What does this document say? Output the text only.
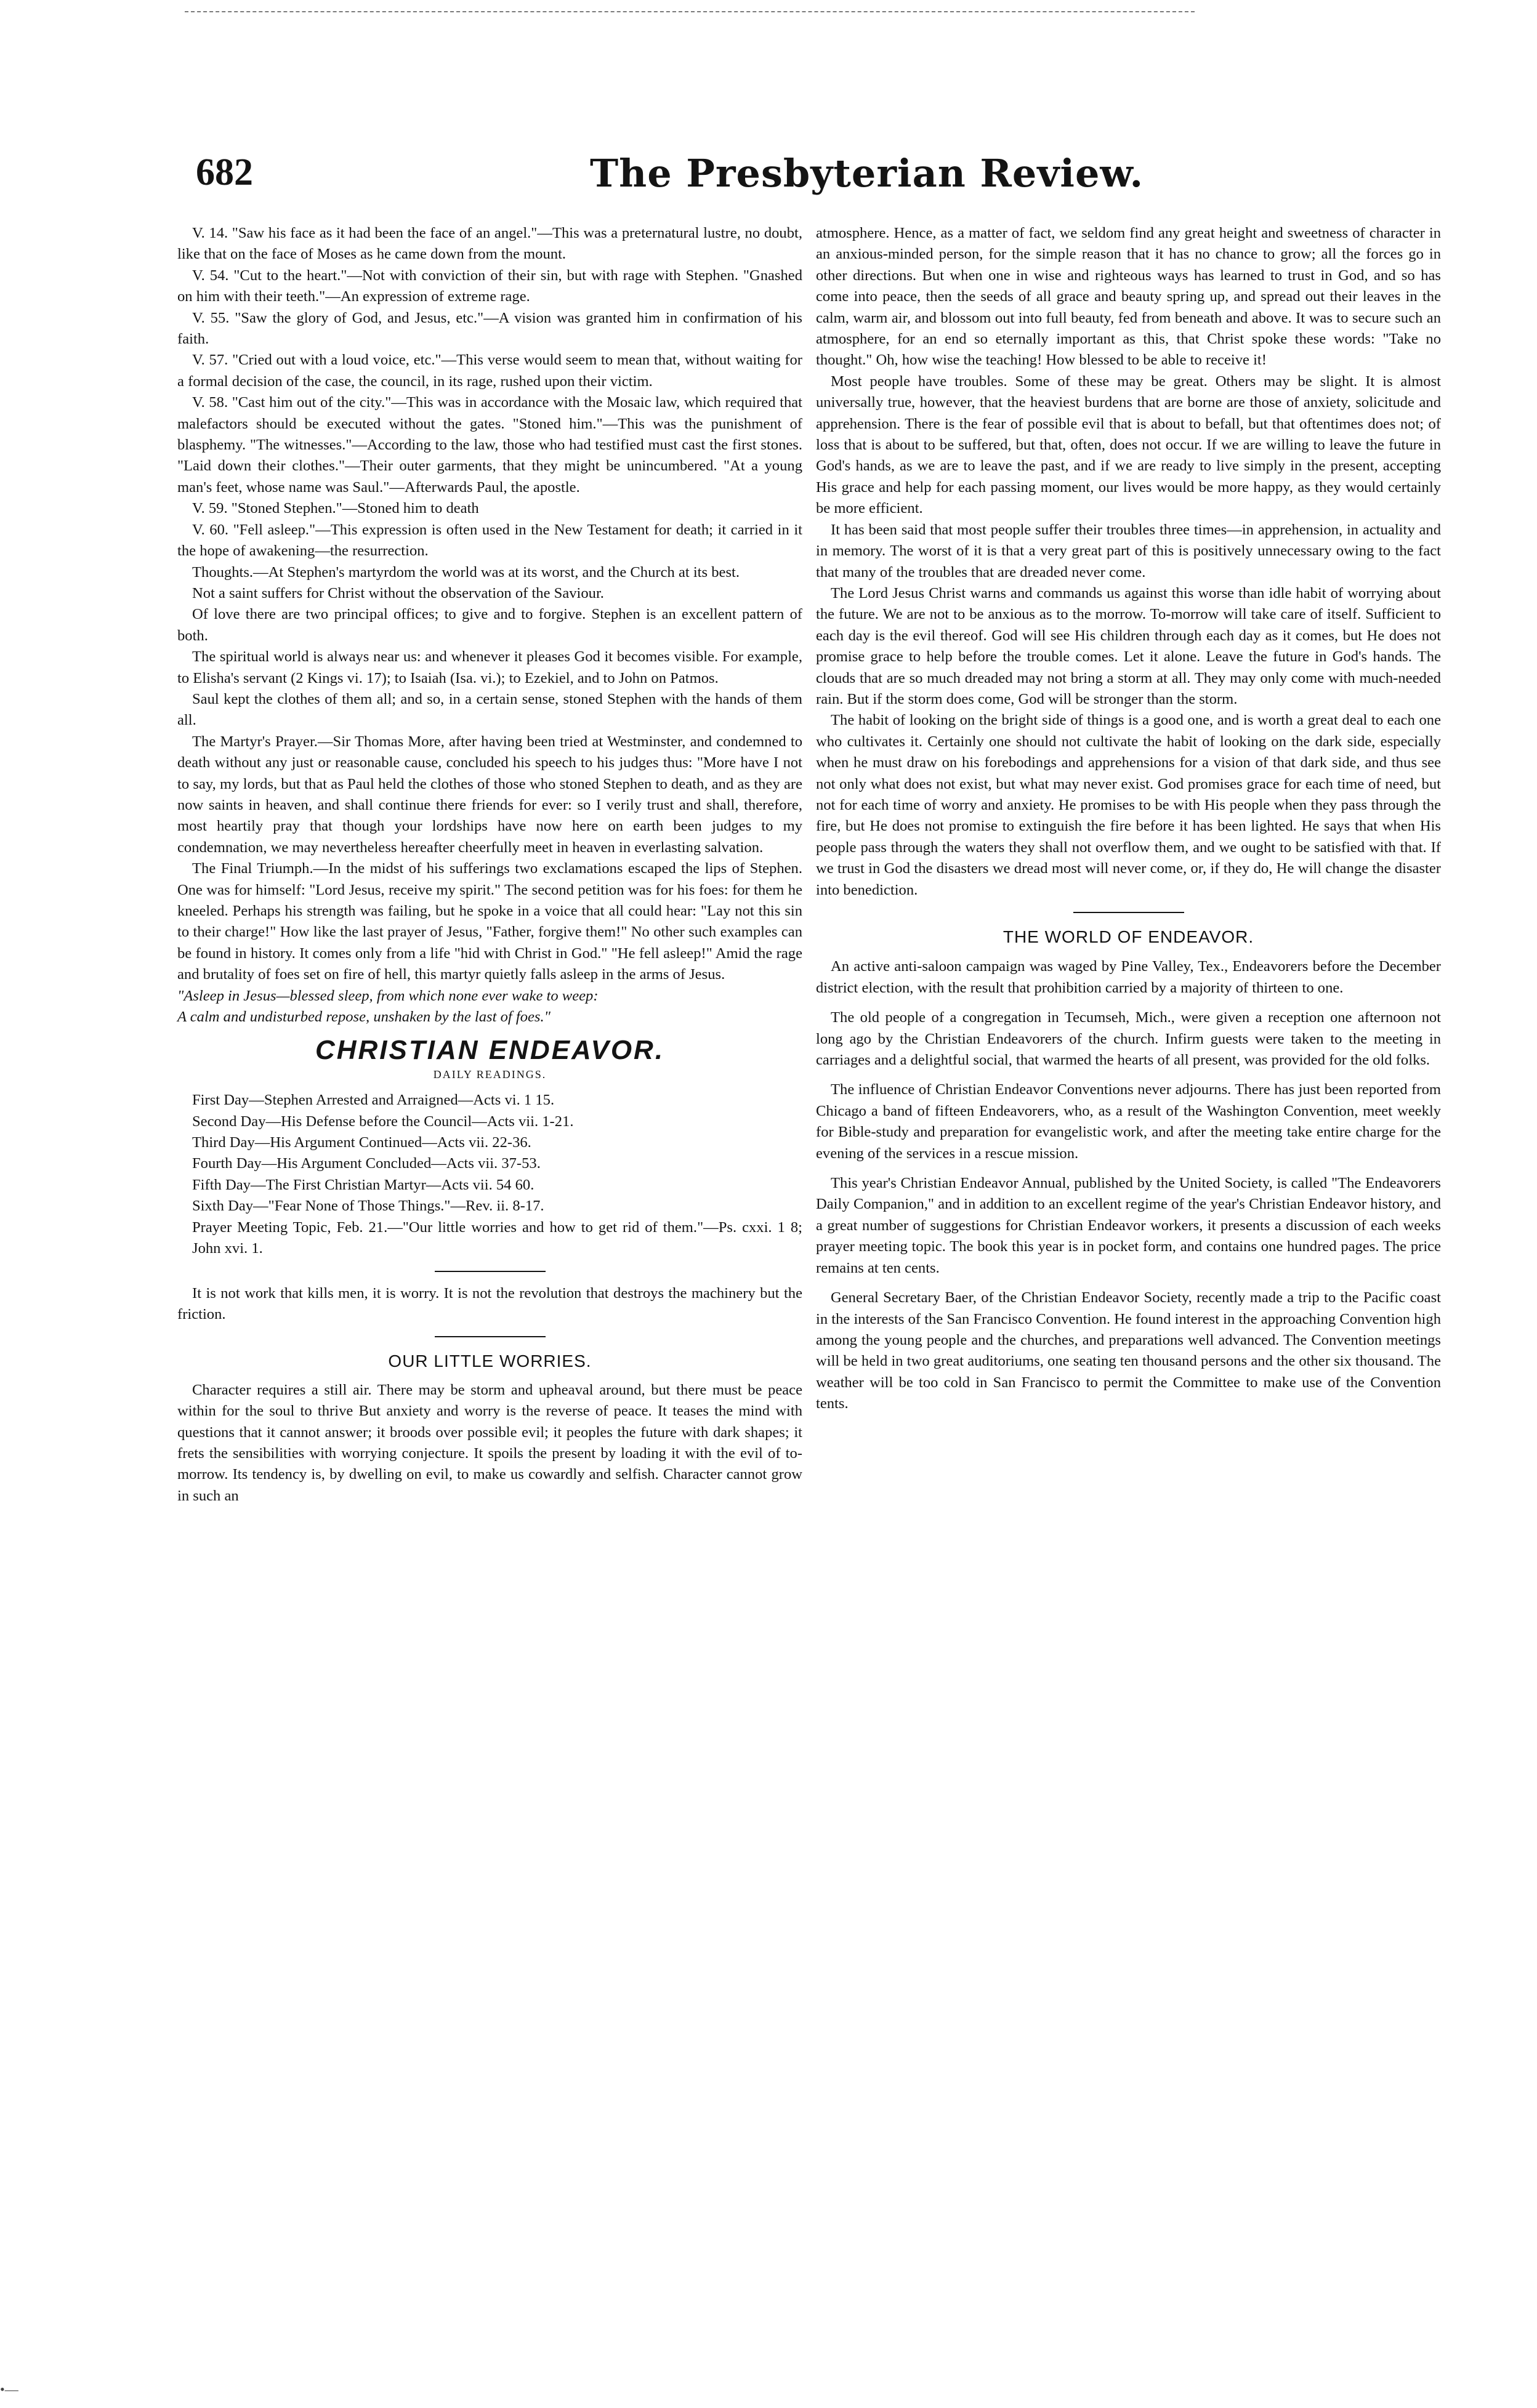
682	The Presbyterian Review.

V. 14. "Saw his face as it had been the face of an angel."—This was a preternatural lustre, no doubt, like that on the face of Moses as he came down from the mount.

V. 54. "Cut to the heart."—Not with conviction of their sin, but with rage with Stephen. "Gnashed on him with their teeth."—An expression of extreme rage.

V. 55. "Saw the glory of God, and Jesus, etc."—A vision was granted him in confirmation of his faith.

V. 57. "Cried out with a loud voice, etc."—This verse would seem to mean that, without waiting for a formal decision of the case, the council, in its rage, rushed upon their victim.

V. 58. "Cast him out of the city."—This was in accordance with the Mosaic law, which required that malefactors should be executed without the gates. "Stoned him."—This was the punishment of blasphemy. "The witnesses."—According to the law, those who had testified must cast the first stones. "Laid down their clothes."—Their outer garments, that they might be unincumbered. "At a young man's feet, whose name was Saul."—Afterwards Paul, the apostle.

V. 59. "Stoned Stephen."—Stoned him to death

V. 60. "Fell asleep."—This expression is often used in the New Testament for death; it carried in it the hope of awakening—the resurrection.

Thoughts.—At Stephen's martyrdom the world was at its worst, and the Church at its best.

Not a saint suffers for Christ without the observation of the Saviour.

Of love there are two principal offices; to give and to forgive. Stephen is an excellent pattern of both.

The spiritual world is always near us: and whenever it pleases God it becomes visible. For example, to Elisha's servant (2 Kings vi. 17); to Isaiah (Isa. vi.); to Ezekiel, and to John on Patmos.

Saul kept the clothes of them all; and so, in a certain sense, stoned Stephen with the hands of them all.

The Martyr's Prayer.—Sir Thomas More, after having been tried at Westminster, and condemned to death without any just or reasonable cause, concluded his speech to his judges thus: "More have I not to say, my lords, but that as Paul held the clothes of those who stoned Stephen to death, and as they are now saints in heaven, and shall continue there friends for ever: so I verily trust and shall, therefore, most heartily pray that though your lordships have now here on earth been judges to my condemnation, we may nevertheless hereafter cheerfully meet in heaven in everlasting salvation.

The Final Triumph.—In the midst of his sufferings two exclamations escaped the lips of Stephen. One was for himself: "Lord Jesus, receive my spirit." The second petition was for his foes: for them he kneeled. Perhaps his strength was failing, but he spoke in a voice that all could hear: "Lay not this sin to their charge!" How like the last prayer of Jesus, "Father, forgive them!" No other such examples can be found in history. It comes only from a life "hid with Christ in God." "He fell asleep!" Amid the rage and brutality of foes set on fire of hell, this martyr quietly falls asleep in the arms of Jesus.

"Asleep in Jesus—blessed sleep, from which none ever wake to weep:

A calm and undisturbed repose, unshaken by the last of foes."

CHRISTIAN ENDEAVOR.
DAILY READINGS.

First Day—Stephen Arrested and Arraigned—Acts vi. 1 15.

Second Day—His Defense before the Council—Acts vii. 1-21.

Third Day—His Argument Continued—Acts vii. 22-36.

Fourth Day—His Argument Concluded—Acts vii. 37-53.

Fifth Day—The First Christian Martyr—Acts vii. 54 60.

Sixth Day—"Fear None of Those Things."—Rev. ii. 8-17.

Prayer Meeting Topic, Feb. 21.—"Our little worries and how to get rid of them."—Ps. cxxi. 1 8; John xvi. 1.

It is not work that kills men, it is worry. It is not the revolution that destroys the machinery but the friction.

OUR LITTLE WORRIES.

Character requires a still air. There may be storm and upheaval around, but there must be peace within for the soul to thrive But anxiety and worry is the reverse of peace. It teases the mind with questions that it cannot answer; it broods over possible evil; it peoples the future with dark shapes; it frets the sensibilities with worrying conjecture. It spoils the present by loading it with the evil of to-morrow. Its tendency is, by dwelling on evil, to make us cowardly and selfish. Character cannot grow in such an

atmosphere. Hence, as a matter of fact, we seldom find any great height and sweetness of character in an anxious-minded person, for the simple reason that it has no chance to grow; all the forces go in other directions. But when one in wise and righteous ways has learned to trust in God, and so has come into peace, then the seeds of all grace and beauty spring up, and spread out their leaves in the calm, warm air, and blossom out into full beauty, fed from beneath and above. It was to secure such an atmosphere, for an end so eternally important as this, that Christ spoke these words: "Take no thought." Oh, how wise the teaching! How blessed to be able to receive it!

Most people have troubles. Some of these may be great. Others may be slight. It is almost universally true, however, that the heaviest burdens that are borne are those of anxiety, solicitude and apprehension. There is the fear of possible evil that is about to befall, but that oftentimes does not; of loss that is about to be suffered, but that, often, does not occur. If we are willing to leave the future in God's hands, as we are to leave the past, and if we are ready to live simply in the present, accepting His grace and help for each passing moment, our lives would be more happy, as they would certainly be more efficient.

It has been said that most people suffer their troubles three times—in apprehension, in actuality and in memory. The worst of it is that a very great part of this is positively unnecessary owing to the fact that many of the troubles that are dreaded never come.

The Lord Jesus Christ warns and commands us against this worse than idle habit of worrying about the future. We are not to be anxious as to the morrow. To-morrow will take care of itself. Sufficient to each day is the evil thereof. God will see His children through each day as it comes, but He does not promise grace to help before the trouble comes. Let it alone. Leave the future in God's hands. The clouds that are so much dreaded may not bring a storm at all. They may only come with much-needed rain. But if the storm does come, God will be stronger than the storm.

The habit of looking on the bright side of things is a good one, and is worth a great deal to each one who cultivates it. Certainly one should not cultivate the habit of looking on the dark side, especially when he must draw on his forebodings and apprehensions for a vision of that dark side, and thus see not only what does not exist, but what may never exist. God promises grace for each time of need, but not for each time of worry and anxiety. He promises to be with His people when they pass through the fire, but He does not promise to extinguish the fire before it has been lighted. He says that when His people pass through the waters they shall not overflow them, and we ought to be satisfied with that. If we trust in God the disasters we dread most will never come, or, if they do, He will change the disaster into benediction.

THE WORLD OF ENDEAVOR.

An active anti-saloon campaign was waged by Pine Valley, Tex., Endeavorers before the December district election, with the result that prohibition carried by a majority of thirteen to one.

The old people of a congregation in Tecumseh, Mich., were given a reception one afternoon not long ago by the Christian Endeavorers of the church. Infirm guests were taken to the meeting in carriages and a delightful social, that warmed the hearts of all present, was provided for the old folks.

The influence of Christian Endeavor Conventions never adjourns. There has just been reported from Chicago a band of fifteen Endeavorers, who, as a result of the Washington Convention, meet weekly for Bible-study and preparation for evangelistic work, and after the meeting take entire charge for the evening of the services in a rescue mission.

This year's Christian Endeavor Annual, published by the United Society, is called "The Endeavorers Daily Companion," and in addition to an excellent regime of the year's Christian Endeavor history, and a great number of suggestions for Christian Endeavor workers, it presents a discussion of each weeks prayer meeting topic. The book this year is in pocket form, and contains one hundred pages. The price remains at ten cents.

General Secretary Baer, of the Christian Endeavor Society, recently made a trip to the Pacific coast in the interests of the San Francisco Convention. He found interest in the approaching Convention high among the young people and the churches, and preparations well advanced. The Convention meetings will be held in two great auditoriums, one seating ten thousand persons and the other six thousand. The weather will be too cold in San Francisco to permit the Committee to make use of the Convention tents.

•—
